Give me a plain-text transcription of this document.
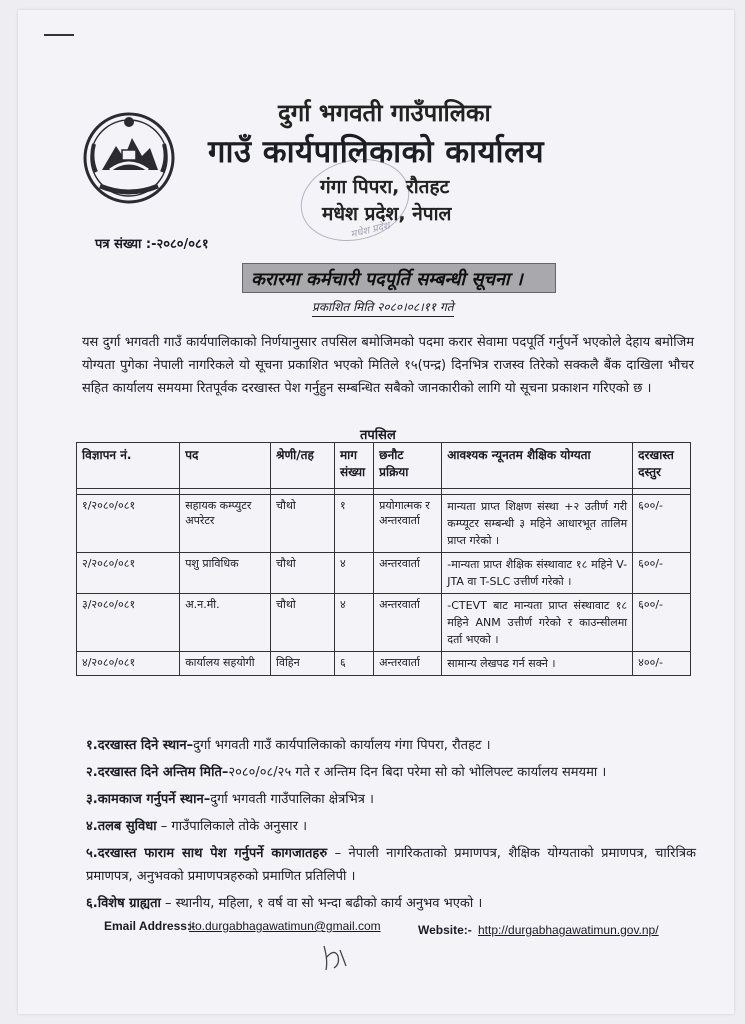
दुर्गा भगवती गाउँपालिका
गाउँ कार्यपालिकाको कार्यालय
गंगा पिपरा, रौतहट
मधेश प्रदेश, नेपाल
मधेश प्रदेश
पत्र संख्या :-२०८०/०८१
करारमा कर्मचारी पदपूर्ति सम्बन्धी सूचना ।
प्रकाशित मिति २०८०।०८।११ गते
यस दुर्गा भगवती गाउँ कार्यपालिकाको निर्णयानुसार तपसिल बमोजिमको पदमा करार सेवामा पदपूर्ति गर्नुपर्ने भएकोले देहाय बमोजिम योग्यता पुगेका नेपाली नागरिकले यो सूचना प्रकाशित भएको मितिले १५(पन्द्र) दिनभित्र राजस्व तिरेको सक्कलै बैंक दाखिला भौचर सहित कार्यालय समयमा रितपूर्वक दरखास्त पेश गर्नुहुन सम्बन्धित सबैको जानकारीको लागि यो सूचना प्रकाशन गरिएको छ ।
तपसिल
विज्ञापन नं.	पद	श्रेणी/तह	माग संख्या	छनौट प्रक्रिया	आवश्यक न्यूनतम शैक्षिक योग्यता	दरखास्त दस्तुर

१/२०८०/०८१	सहायक कम्प्युटर अपरेटर	चौथो	१	प्रयोगात्मक र अन्तरवार्ता	मान्यता प्राप्त शिक्षण संस्था +२ उतीर्ण गरी कम्प्यूटर सम्बन्धी ३ महिने आधारभूत तालिम प्राप्त गरेको ।	६००/-
२/२०८०/०८१	पशु प्राविधिक	चौथो	४	अन्तरवार्ता	-मान्यता प्राप्त शैक्षिक संस्थावाट १८ महिने V-JTA वा T-SLC उत्तीर्ण गरेको ।	६००/-
३/२०८०/०८१	अ.न.मी.	चौथो	४	अन्तरवार्ता	-CTEVT बाट मान्यता प्राप्त संस्थावाट १८ महिने ANM उत्तीर्ण गरेको र काउन्सीलमा दर्ता भएको ।	६००/-
४/२०८०/०८१	कार्यालय सहयोगी	विहिन	६	अन्तरवार्ता	सामान्य लेखपढ गर्न सक्ने ।	४००/-

१.दरखास्त दिने स्थान–दुर्गा भगवती गाउँ कार्यपालिकाको कार्यालय गंगा पिपरा, रौतहट ।

२.दरखास्त दिने अन्तिम मिति–२०८०/०८/२५ गते र अन्तिम दिन बिदा परेमा सो को भोलिपल्ट कार्यालय समयमा ।

३.कामकाज गर्नुपर्ने स्थान–दुर्गा भगवती गाउँपालिका क्षेत्रभित्र ।

४.तलब सुविधा – गाउँपालिकाले तोके अनुसार ।

५.दरखास्त फाराम साथ पेश गर्नुपर्ने कागजातहरु – नेपाली नागरिकताको प्रमाणपत्र, शैक्षिक योग्यताको प्रमाणपत्र, चारित्रिक प्रमाणपत्र, अनुभवको प्रमाणपत्रहरुको प्रमाणित प्रतिलिपी ।

६.विशेष ग्राह्यता – स्थानीय, महिला, १ वर्ष वा सो भन्दा बढीको कार्य अनुभव भएको ।

Email Address:-
ito.durgabhagawatimun@gmail.com	Website:- http://durgabhagawatimun.gov.np/
